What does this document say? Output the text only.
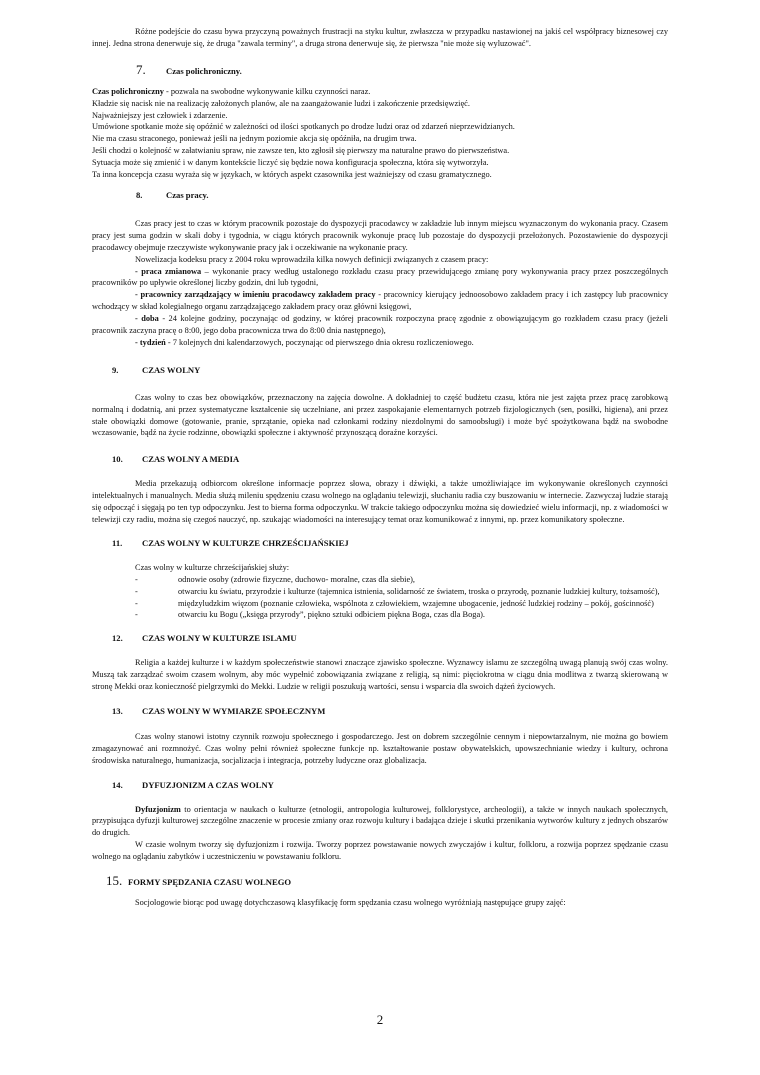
Różne podejście do czasu bywa przyczyną poważnych frustracji na styku kultur, zwłaszcza w przypadku nastawionej na jakiś cel współpracy biznesowej czy innej. Jedna strona denerwuje się, że druga "zawala terminy", a druga strona denerwuje się, że pierwsza "nie może się wyluzować".

7.	Czas polichroniczny.

Czas polichroniczny - pozwala na swobodne wykonywanie kilku czynności naraz.

Kładzie się nacisk nie na realizację założonych planów, ale na zaangażowanie ludzi i zakończenie przedsięwzięć.

Najważniejszy jest człowiek i zdarzenie.

Umówione spotkanie może się opóźnić w zależności od ilości spotkanych po drodze ludzi oraz od zdarzeń nieprzewidzianych.

Nie ma czasu straconego, ponieważ jeśli na jednym poziomie akcja się opóźniła, na drugim trwa.

Jeśli chodzi o kolejność w załatwianiu spraw, nie zawsze ten, kto zgłosił się pierwszy ma naturalne prawo do pierwszeństwa.

Sytuacja może się zmienić i w danym kontekście liczyć się będzie nowa konfiguracja społeczna, która się wytworzyła.

Ta inna koncepcja czasu wyraża się w językach, w których aspekt czasownika jest ważniejszy od czasu gramatycznego.

8.	Czas pracy.

Czas pracy jest to czas w którym pracownik pozostaje do dyspozycji pracodawcy w zakładzie lub innym miejscu wyznaczonym do wykonania pracy. Czasem pracy jest suma godzin w skali doby i tygodnia, w ciągu których pracownik wykonuje pracę lub pozostaje do dyspozycji przełożonych. Pozostawienie do dyspozycji pracodawcy obejmuje rzeczywiste wykonywanie pracy jak i oczekiwanie na wykonanie pracy.

Nowelizacja kodeksu pracy z 2004 roku wprowadziła kilka nowych definicji związanych z czasem pracy:

- praca zmianowa – wykonanie pracy według ustalonego rozkładu czasu pracy przewidującego zmianę pory wykonywania pracy przez poszczególnych pracowników po upływie określonej liczby godzin, dni lub tygodni,

- pracownicy zarządzający w imieniu pracodawcy zakładem pracy - pracownicy kierujący jednoosobowo zakładem pracy i ich zastępcy lub pracownicy wchodzący w skład kolegialnego organu zarządzającego zakładem pracy oraz główni księgowi,

- doba - 24 kolejne godziny, poczynając od godziny, w której pracownik rozpoczyna pracę zgodnie z obowiązującym go rozkładem czasu pracy (jeżeli pracownik zaczyna pracę o 8:00, jego doba pracownicza trwa do 8:00 dnia następnego),

- tydzień - 7 kolejnych dni kalendarzowych, poczynając od pierwszego dnia okresu rozliczeniowego.

9.	CZAS WOLNY

Czas wolny to czas bez obowiązków, przeznaczony na zajęcia dowolne. A dokładniej to część budżetu czasu, która nie jest zajęta przez pracę zarobkową normalną i dodatnią, ani przez systematyczne kształcenie się uczelniane, ani przez zaspokajanie elementarnych potrzeb fizjologicznych (sen, posiłki, higiena), ani przez stałe obowiązki domowe (gotowanie, pranie, sprzątanie, opieka nad członkami rodziny niezdolnymi do samoobsługi) i może być spożytkowana bądź na swobodne wczasowanie, bądź na życie rodzinne, obowiązki społeczne i aktywność przynoszącą doraźne korzyści.

10.	CZAS WOLNY A MEDIA

Media przekazują odbiorcom określone informacje poprzez słowa, obrazy i dźwięki, a także umożliwiające im wykonywanie określonych czynności intelektualnych i manualnych. Media służą mileniu spędzeniu czasu wolnego na oglądaniu telewizji, słuchaniu radia czy buszowaniu w internecie. Zazwyczaj ludzie starają się odpocząć i sięgają po ten typ odpoczynku. Jest to bierna forma odpoczynku. W trakcie takiego odpoczynku można się dowiedzieć wielu informacji, np. z wiadomości w telewizji czy radiu, można się czegoś nauczyć, np. szukając wiadomości na interesujący temat oraz komunikować z innymi, np. przez komunikatory społeczne.

11.	CZAS WOLNY W KULTURZE CHRZEŚCIJAŃSKIEJ

Czas wolny w kulturze chrześcijańskiej służy:

-	odnowie osoby (zdrowie fizyczne, duchowo- moralne, czas dla siebie),

-	otwarciu ku światu, przyrodzie i kulturze (tajemnica istnienia, solidarność ze światem, troska o przyrodę, poznanie ludzkiej kultury, tożsamość),

-	międzyludzkim więzom (poznanie człowieka, wspólnota z człowiekiem, wzajemne ubogacenie, jedność ludzkiej rodziny – pokój, gościnność)

-	otwarciu ku Bogu („księga przyrody”, piękno sztuki odbiciem piękna Boga, czas dla Boga).
12.	CZAS WOLNY W KULTURZE ISLAMU

Religia a każdej kulturze i w każdym społeczeństwie stanowi znaczące zjawisko społeczne. Wyznawcy islamu ze szczególną uwagą planują swój czas wolny. Muszą tak zarządzać swoim czasem wolnym, aby móc wypełnić zobowiązania związane z religią, są nimi: pięciokrotna w ciągu dnia modlitwa z twarzą skierowaną w stronę Mekki oraz konieczność pielgrzymki do Mekki. Ludzie w religii poszukują wartości, sensu i wsparcia dla swoich dążeń życiowych.

13.	CZAS WOLNY W WYMIARZE SPOŁECZNYM

Czas wolny stanowi istotny czynnik rozwoju społecznego i gospodarczego. Jest on dobrem szczególnie cennym i niepowtarzalnym, nie można go bowiem zmagazynować ani rozmnożyć. Czas wolny pełni również społeczne funkcje np. kształtowanie postaw obywatelskich, upowszechnianie wiedzy i kultury, ochrona środowiska naturalnego, humanizacja, socjalizacja i integracja, potrzeby ludyczne oraz globalizacja.

14.	DYFUZJONIZM A CZAS WOLNY

Dyfuzjonizm to orientacja w naukach o kulturze (etnologii, antropologia kulturowej, folklorystyce, archeologii), a także w innych naukach społecznych, przypisująca dyfuzji kulturowej szczególne znaczenie w procesie zmiany oraz rozwoju kultury i badająca dzieje i skutki przenikania wytworów kultury z jednych obszarów do drugich.

W czasie wolnym tworzy się dyfuzjonizm i rozwija. Tworzy poprzez powstawanie nowych zwyczajów i kultur, folkloru, a rozwija poprzez spędzanie czasu wolnego na oglądaniu zabytków i uczestniczeniu w powstawaniu folkloru.

15. FORMY SPĘDZANIA CZASU WOLNEGO

Socjologowie biorąc pod uwagę dotychczasową klasyfikację form spędzania czasu wolnego wyróżniają następujące grupy zajęć:

2
